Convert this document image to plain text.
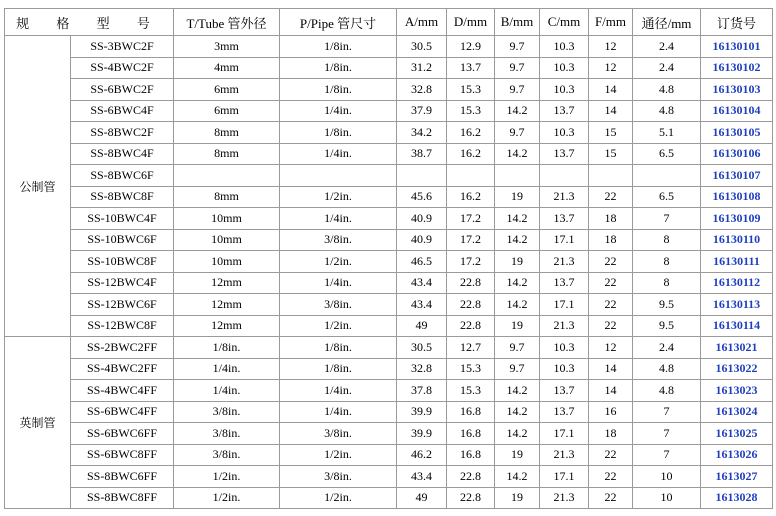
规 格 型 号		T/Tube 管外径	P/Pipe 管尺寸	A/mm	D/mm	B/mm	C/mm	F/mm	通径/mm	订货号
公制管	SS-3BWC2F	3mm	1/8in.	30.5	12.9	9.7	10.3	12	2.4	16130101
	SS-4BWC2F	4mm	1/8in.	31.2	13.7	9.7	10.3	12	2.4	16130102
	SS-6BWC2F	6mm	1/8in.	32.8	15.3	9.7	10.3	14	4.8	16130103
	SS-6BWC4F	6mm	1/4in.	37.9	15.3	14.2	13.7	14	4.8	16130104
	SS-8BWC2F	8mm	1/8in.	34.2	16.2	9.7	10.3	15	5.1	16130105
	SS-8BWC4F	8mm	1/4in.	38.7	16.2	14.2	13.7	15	6.5	16130106
	SS-8BWC6F									16130107
	SS-8BWC8F	8mm	1/2in.	45.6	16.2	19	21.3	22	6.5	16130108
	SS-10BWC4F	10mm	1/4in.	40.9	17.2	14.2	13.7	18	7	16130109
	SS-10BWC6F	10mm	3/8in.	40.9	17.2	14.2	17.1	18	8	16130110
	SS-10BWC8F	10mm	1/2in.	46.5	17.2	19	21.3	22	8	16130111
	SS-12BWC4F	12mm	1/4in.	43.4	22.8	14.2	13.7	22	8	16130112
	SS-12BWC6F	12mm	3/8in.	43.4	22.8	14.2	17.1	22	9.5	16130113
	SS-12BWC8F	12mm	1/2in.	49	22.8	19	21.3	22	9.5	16130114
英制管	SS-2BWC2FF	1/8in.	1/8in.	30.5	12.7	9.7	10.3	12	2.4	1613021
	SS-4BWC2FF	1/4in.	1/8in.	32.8	15.3	9.7	10.3	14	4.8	1613022
	SS-4BWC4FF	1/4in.	1/4in.	37.8	15.3	14.2	13.7	14	4.8	1613023
	SS-6BWC4FF	3/8in.	1/4in.	39.9	16.8	14.2	13.7	16	7	1613024
	SS-6BWC6FF	3/8in.	3/8in.	39.9	16.8	14.2	17.1	18	7	1613025
	SS-6BWC8FF	3/8in.	1/2in.	46.2	16.8	19	21.3	22	7	1613026
	SS-8BWC6FF	1/2in.	3/8in.	43.4	22.8	14.2	17.1	22	10	1613027
	SS-8BWC8FF	1/2in.	1/2in.	49	22.8	19	21.3	22	10	1613028
